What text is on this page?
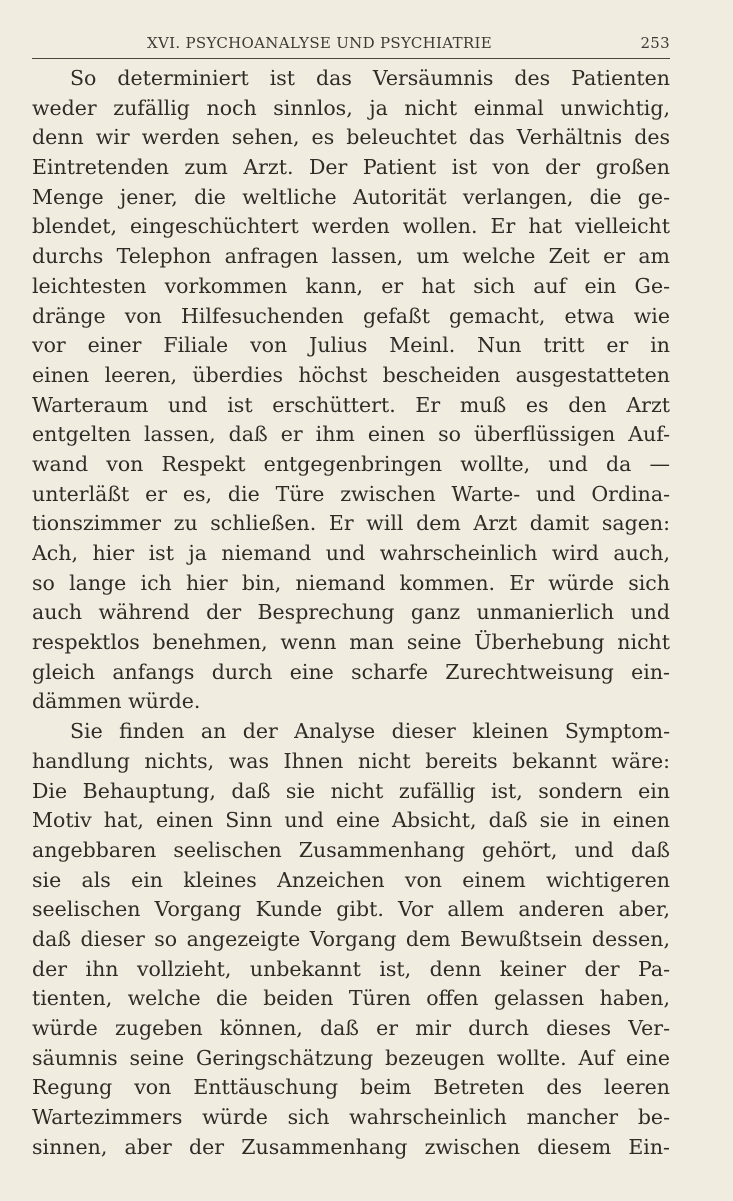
XVI. PSYCHOANALYSE UND PSYCHIATRIE	253
So determiniert ist das Versäumnis des Patienten
weder zufällig noch sinnlos, ja nicht einmal unwichtig,
denn wir werden sehen, es beleuchtet das Verhältnis des
Eintretenden zum Arzt. Der Patient ist von der großen
Menge jener, die weltliche Autorität verlangen, die ge-
blendet, eingeschüchtert werden wollen. Er hat vielleicht
durchs Telephon anfragen lassen, um welche Zeit er am
leichtesten vorkommen kann, er hat sich auf ein Ge-
dränge von Hilfesuchenden gefaßt gemacht, etwa wie
vor einer Filiale von Julius Meinl. Nun tritt er in
einen leeren, überdies höchst bescheiden ausgestatteten
Warteraum und ist erschüttert. Er muß es den Arzt
entgelten lassen, daß er ihm einen so überflüssigen Auf-
wand von Respekt entgegenbringen wollte, und da —
unterläßt er es, die Türe zwischen Warte- und Ordina-
tionszimmer zu schließen. Er will dem Arzt damit sagen:
Ach, hier ist ja niemand und wahrscheinlich wird auch,
so lange ich hier bin, niemand kommen. Er würde sich
auch während der Besprechung ganz unmanierlich und
respektlos benehmen, wenn man seine Überhebung nicht
gleich anfangs durch eine scharfe Zurechtweisung ein-
dämmen würde.
Sie finden an der Analyse dieser kleinen Symptom-
handlung nichts, was Ihnen nicht bereits bekannt wäre:
Die Behauptung, daß sie nicht zufällig ist, sondern ein
Motiv hat, einen Sinn und eine Absicht, daß sie in einen
angebbaren seelischen Zusammenhang gehört, und daß
sie als ein kleines Anzeichen von einem wichtigeren
seelischen Vorgang Kunde gibt. Vor allem anderen aber,
daß dieser so angezeigte Vorgang dem Bewußtsein dessen,
der ihn vollzieht, unbekannt ist, denn keiner der Pa-
tienten, welche die beiden Türen offen gelassen haben,
würde zugeben können, daß er mir durch dieses Ver-
säumnis seine Geringschätzung bezeugen wollte. Auf eine
Regung von Enttäuschung beim Betreten des leeren
Wartezimmers würde sich wahrscheinlich mancher be-
sinnen, aber der Zusammenhang zwischen diesem Ein-
